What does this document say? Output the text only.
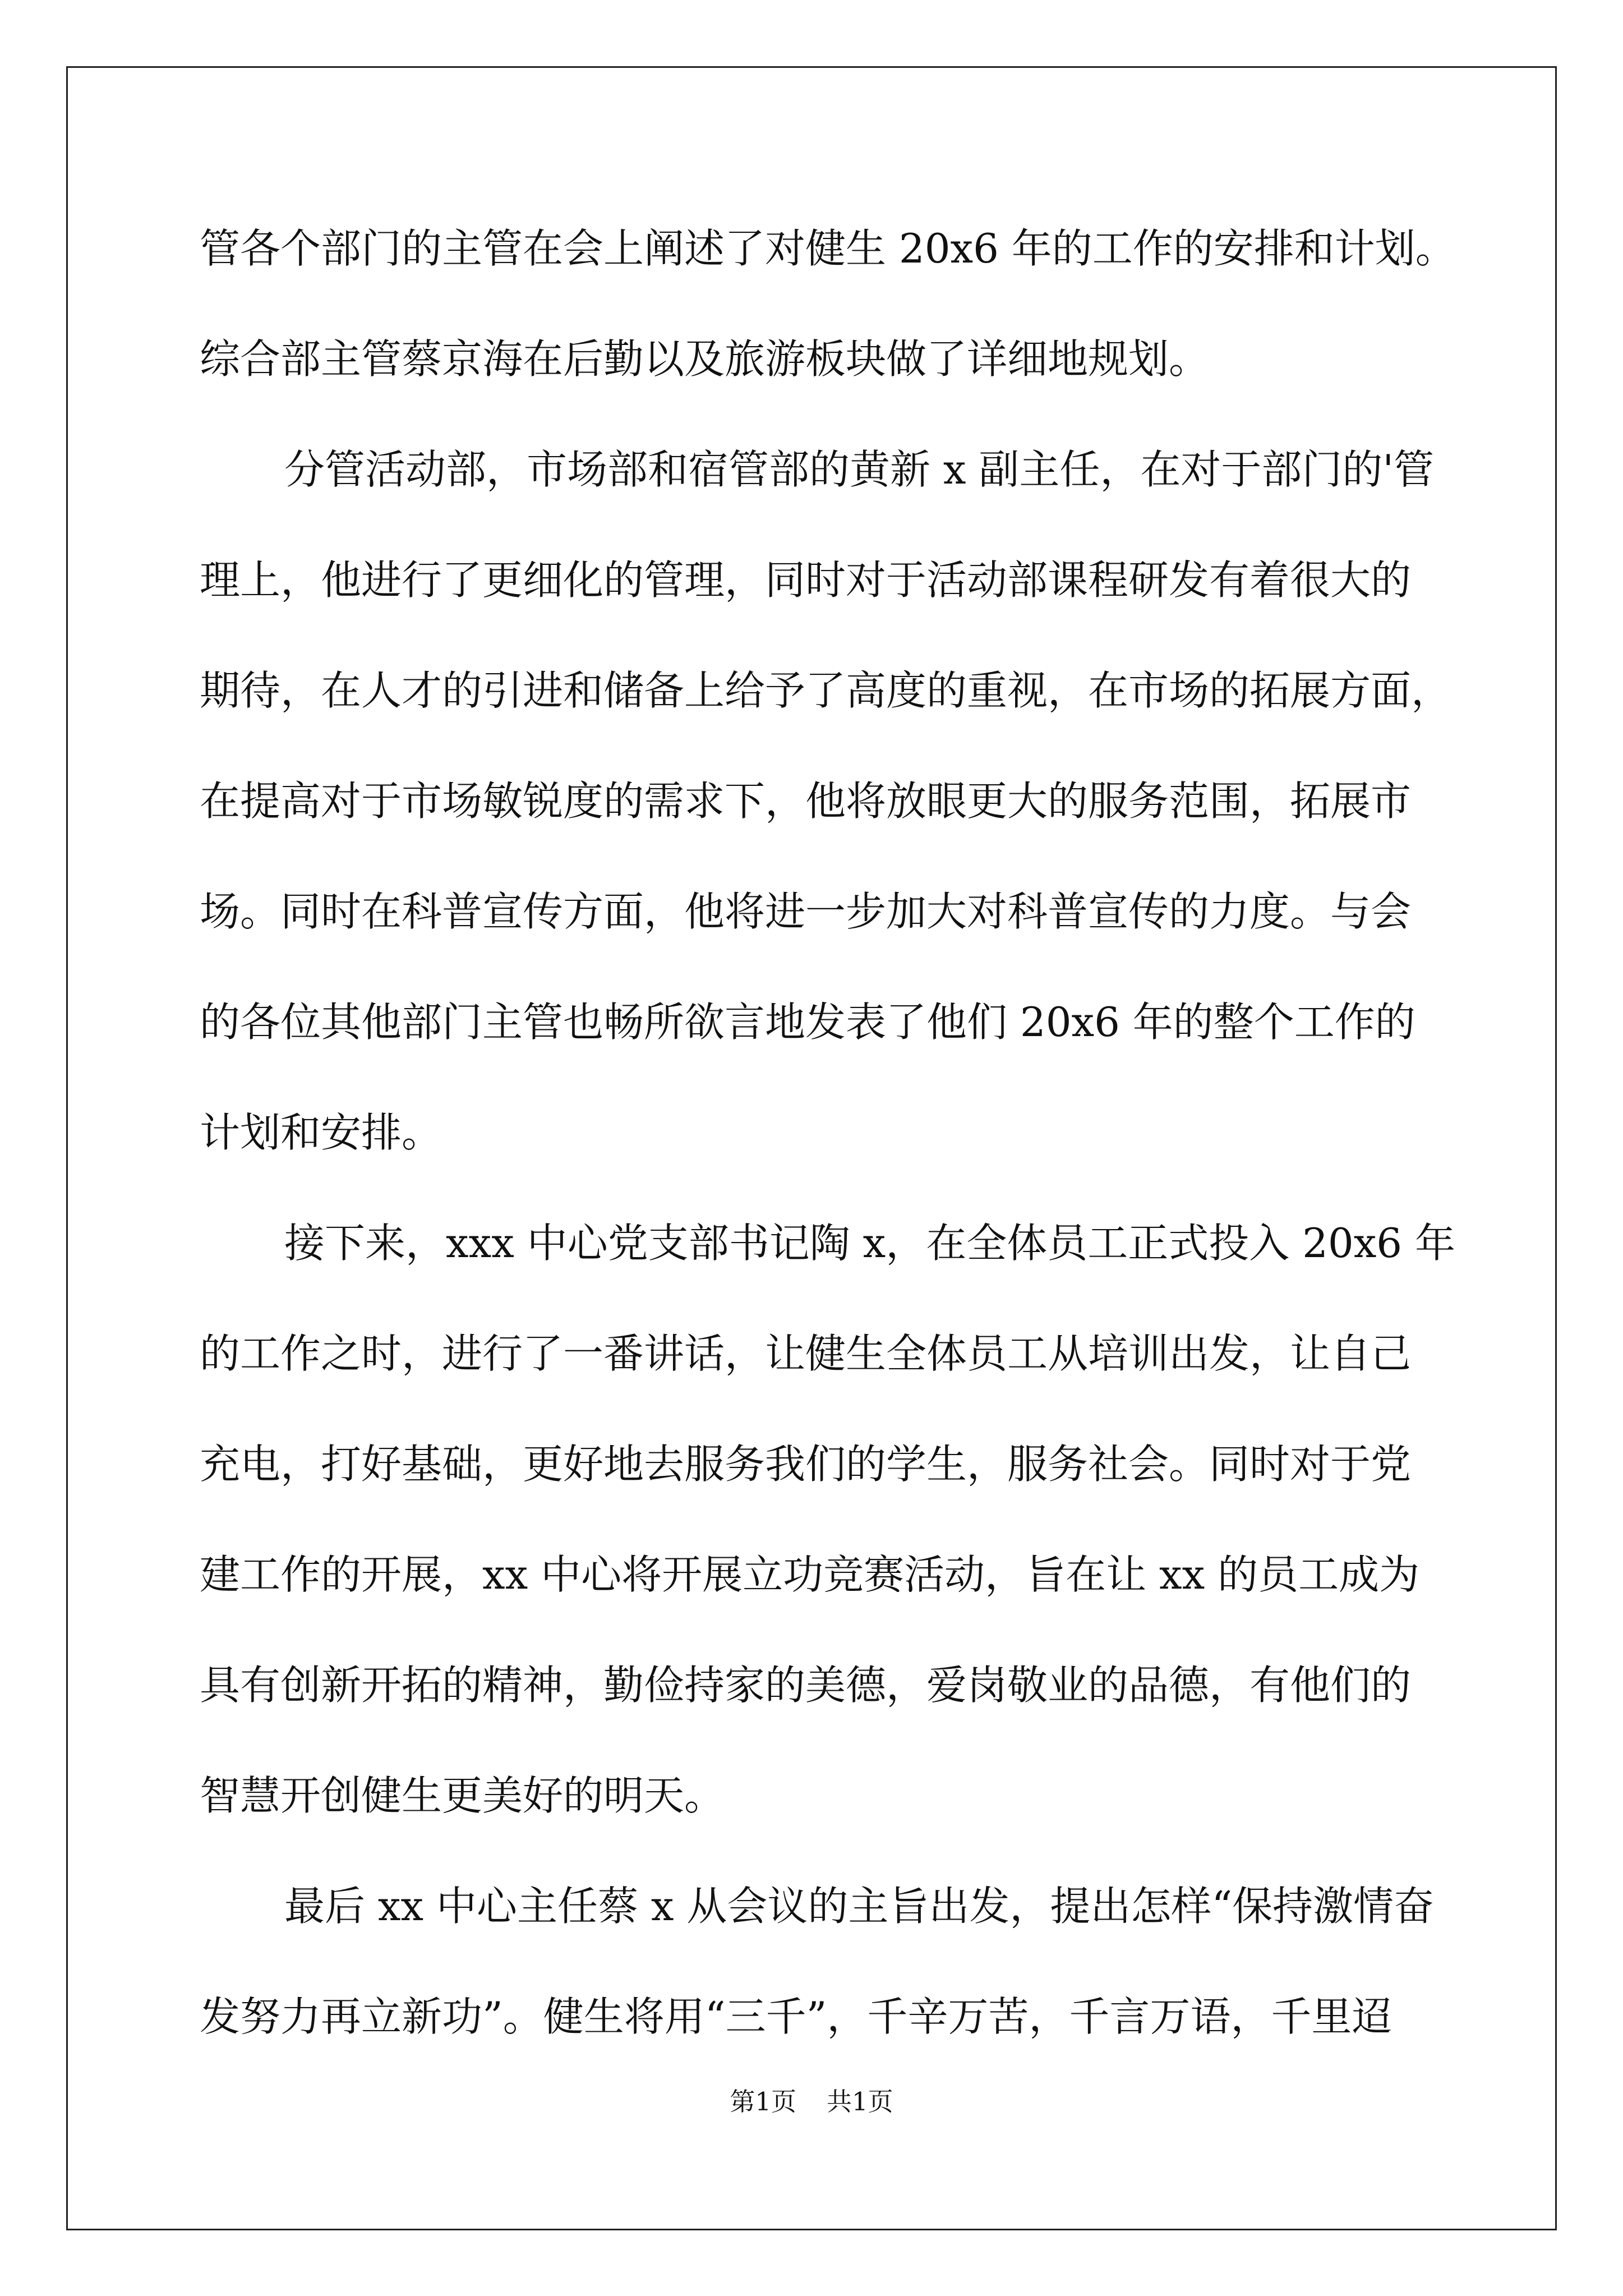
管各个部门的主管在会上阐述了对健生 20x6 年的工作的安排和计划。
综合部主管蔡京海在后勤以及旅游板块做了详细地规划。
分管活动部，市场部和宿管部的黄新 x 副主任，在对于部门的'管
理上，他进行了更细化的管理，同时对于活动部课程研发有着很大的
期待，在人才的引进和储备上给予了高度的重视，在市场的拓展方面，
在提高对于市场敏锐度的需求下，他将放眼更大的服务范围，拓展市
场。同时在科普宣传方面，他将进一步加大对科普宣传的力度。与会
的各位其他部门主管也畅所欲言地发表了他们 20x6 年的整个工作的
计划和安排。
接下来，xxx 中心党支部书记陶 x，在全体员工正式投入 20x6 年
的工作之时，进行了一番讲话，让健生全体员工从培训出发，让自己
充电，打好基础，更好地去服务我们的学生，服务社会。同时对于党
建工作的开展，xx 中心将开展立功竞赛活动，旨在让 xx 的员工成为
具有创新开拓的精神，勤俭持家的美德，爱岗敬业的品德，有他们的
智慧开创健生更美好的明天。
最后 xx 中心主任蔡 x 从会议的主旨出发，提出怎样“保持激情奋
发努力再立新功”。健生将用“三千”，千辛万苦，千言万语，千里迢
第1页 共1页
